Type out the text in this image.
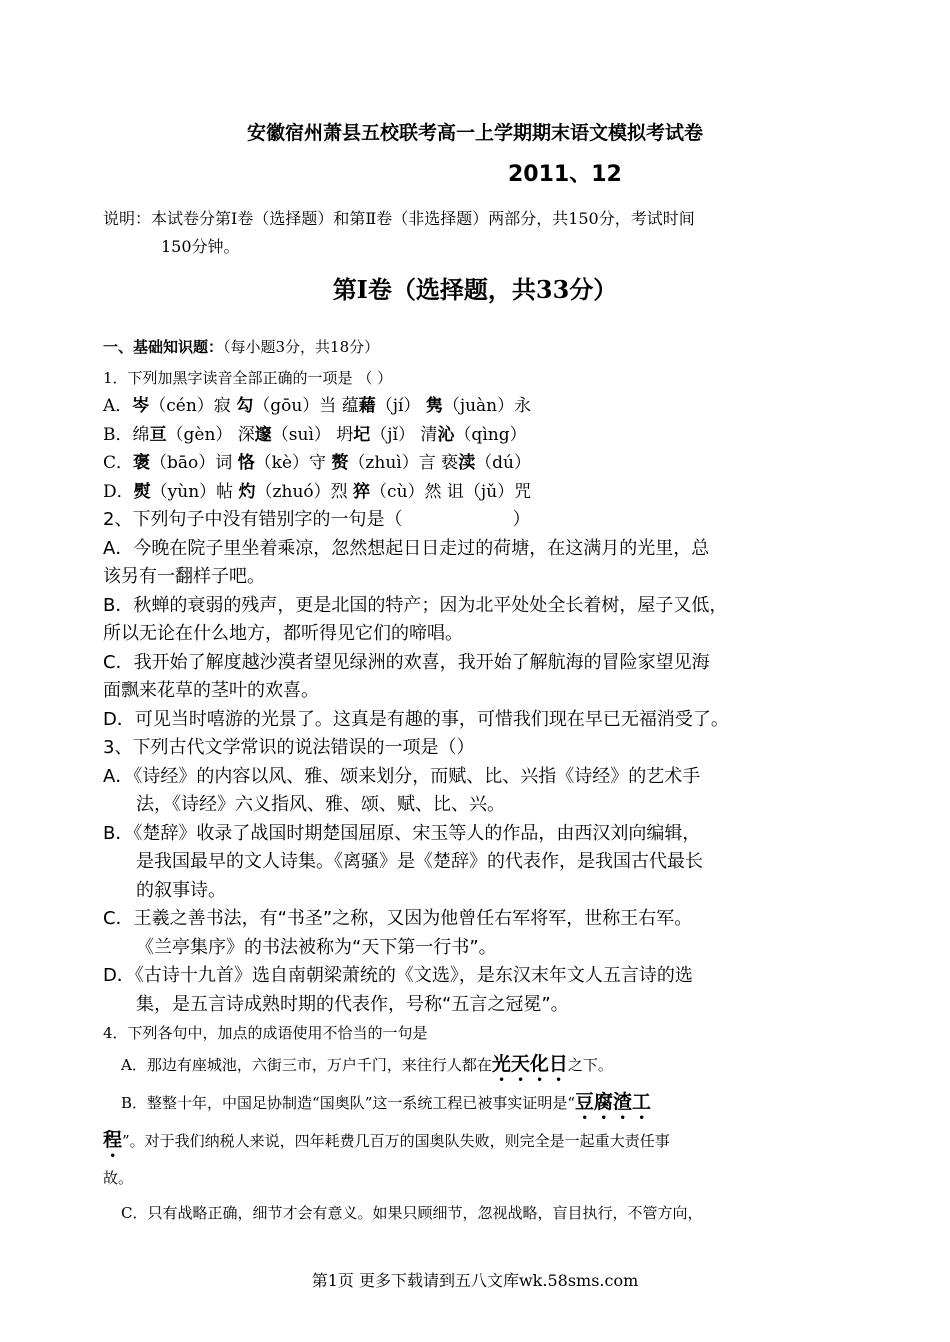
安徽宿州萧县五校联考高一上学期期末语文模拟考试卷
2011、12
说明：本试卷分第Ⅰ卷（选择题）和第Ⅱ卷（非选择题）两部分，共150分，考试时间
150分钟。
第Ⅰ卷（选择题，共33分）
一、基础知识题：（每小题3分，共18分）
1．下列加黑字读音全部正确的一项是 （ ）
A．岑（cén）寂 勾（gōu）当 蕴藉（jí） 隽（juàn）永
B．绵亘（gèn） 深邃（suì） 坍圮（jǐ） 清沁（qìng）
C．褒（bāo）词 恪（kè）守 赘（zhuì）言 亵渎（dú）
D．熨（yùn）帖 灼（zhuó）烈 猝（cù）然 诅（jǔ）咒
2、下列句子中没有错别字的一句是（	）
A．今晚在院子里坐着乘凉，忽然想起日日走过的荷塘，在这满月的光里，总
该另有一翻样子吧。
B．秋蝉的衰弱的残声，更是北国的特产；因为北平处处全长着树，屋子又低，
所以无论在什么地方，都听得见它们的啼唱。
C．我开始了解度越沙漠者望见绿洲的欢喜，我开始了解航海的冒险家望见海
面飘来花草的茎叶的欢喜。
D．可见当时嘻游的光景了。这真是有趣的事，可惜我们现在早已无福消受了。
3、下列古代文学常识的说法错误的一项是（）
A．《诗经》的内容以风、雅、颂来划分，而赋、比、兴指《诗经》的艺术手
法，《诗经》六义指风、雅、颂、赋、比、兴。
B．《楚辞》收录了战国时期楚国屈原、宋玉等人的作品，由西汉刘向编辑，
是我国最早的文人诗集。《离骚》是《楚辞》的代表作，是我国古代最长
的叙事诗。
C．王羲之善书法，有“书圣”之称，又因为他曾任右军将军，世称王右军。
《兰亭集序》的书法被称为“天下第一行书”。
D．《古诗十九首》选自南朝梁萧统的《文选》，是东汉末年文人五言诗的选
集，是五言诗成熟时期的代表作，号称“五言之冠冕”。
4．下列各句中，加点的成语使用不恰当的一句是
A．那边有座城池，六街三市，万户千门，来往行人都在光天化日之下。
B．整整十年，中国足协制造“国奥队”这一系统工程已被事实证明是“豆腐渣工
程”。对于我们纳税人来说，四年耗费几百万的国奥队失败，则完全是一起重大责任事
故。
C．只有战略正确，细节才会有意义。如果只顾细节，忽视战略，盲目执行，不管方向，
第1页 更多下载请到五八文库wk.58sms.com
